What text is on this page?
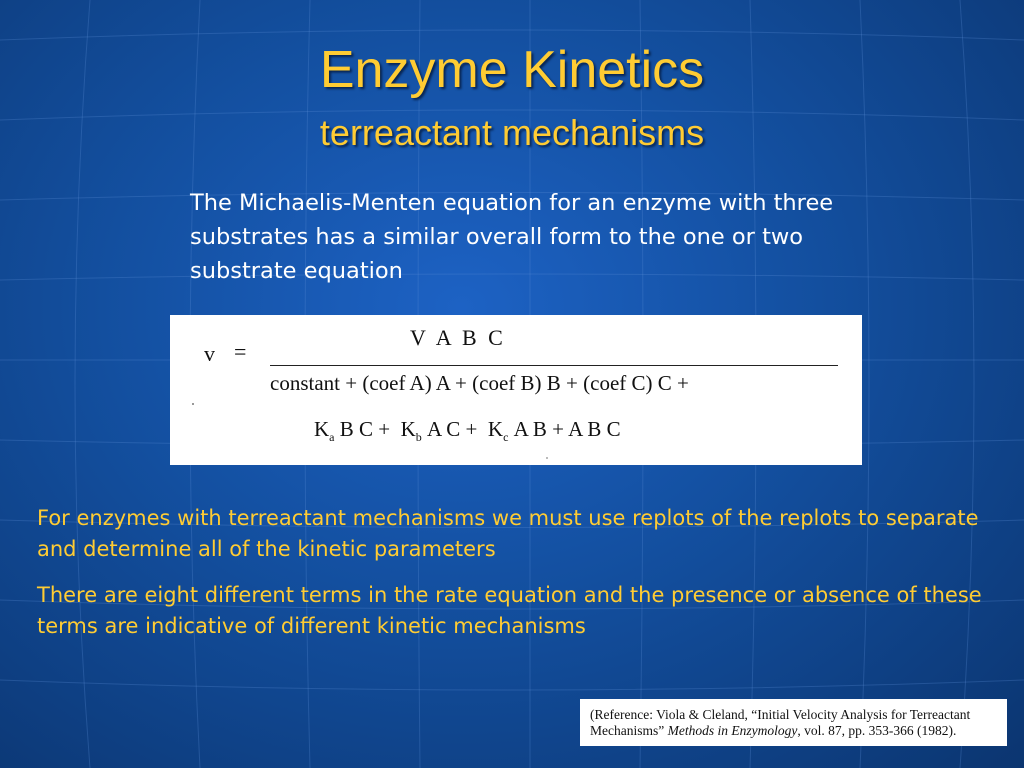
Enzyme Kinetics
terreactant mechanisms
The Michaelis-Menten equation for an enzyme with three substrates has a similar overall form to the one or two substrate equation
v =
V A B C
constant + (coef A) A + (coef B) B + (coef C) C +
$K_a$ B $C + K_b$ A $C + K_c$ A B + A B C
For enzymes with terreactant mechanisms we must use replots of the replots to separate and determine all of the kinetic parameters
There are eight different terms in the rate equation and the presence or absence of these terms are indicative of different kinetic mechanisms
(Reference: Viola & Cleland, “Initial Velocity Analysis for Terreactant Mechanisms” Methods in Enzymology, vol. 87, pp. 353-366 (1982).
